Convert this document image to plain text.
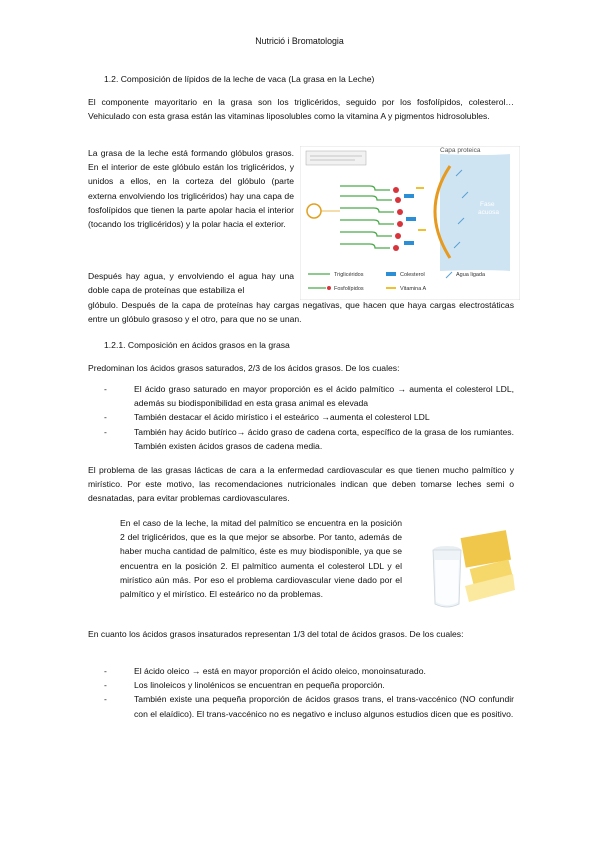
Nutrició i Bromatologia

1.2. Composición de lípidos de la leche de vaca (La grasa en la Leche)

El componente mayoritario en la grasa son los triglicéridos, seguido por los fosfolípidos, colesterol… Vehiculado con esta grasa están las vitaminas liposolubles como la vitamina A y pigmentos hidrosolubles.

La grasa de la leche está formando glóbulos grasos. En el interior de este glóbulo están los triglicéridos, y unidos a ellos, en la corteza del glóbulo (parte externa envolviendo los triglicéridos) hay una capa de fosfolípidos que tienen la parte apolar hacia el interior (tocando los triglicéridos) y la polar hacia el exterior.

Después hay agua, y envolviendo el agua hay una doble capa de proteínas que estabiliza el

glóbulo. Después de la capa de proteínas hay cargas negativas, que hacen que haya cargas electrostáticas entre un glóbulo grasoso y el otro, para que no se unan.

Capa proteica
Fase
acuosa
Triglicéridos
Fosfolípidos
Colesterol
Vitamina A
Agua ligada

1.2.1. Composición en ácidos grasos en la grasa

Predominan los ácidos grasos saturados, 2/3 de los ácidos grasos. De los cuales:

- El ácido graso saturado en mayor proporción es el ácido palmítico → aumenta el colesterol LDL, además su biodisponibilidad en esta grasa animal es elevada
- También destacar el ácido mirístico i el esteárico →aumenta el colesterol LDL
- También hay ácido butírico→ ácido graso de cadena corta, específico de la grasa de los rumiantes. También existen ácidos grasos de cadena media.

El problema de las grasas lácticas de cara a la enfermedad cardiovascular es que tienen mucho palmítico y mirístico. Por este motivo, las recomendaciones nutricionales indican que deben tomarse leches semi o desnatadas, para evitar problemas cardiovasculares.

En el caso de la leche, la mitad del palmítico se encuentra en la posición 2 del triglicéridos, que es la que mejor se absorbe. Por tanto, además de haber mucha cantidad de palmítico, éste es muy biodisponible, ya que se encuentra en la posición 2. El palmítico aumenta el colesterol LDL y el mirístico aún más. Por eso el problema cardiovascular viene dado por el palmítico y el mirístico. El esteárico no da problemas.

En cuanto los ácidos grasos insaturados representan 1/3 del total de ácidos grasos. De los cuales:

- El ácido oleico → está en mayor proporción el ácido oleico, monoinsaturado.
- Los linoleicos y linolénicos se encuentran en pequeña proporción.
- También existe una pequeña proporción de ácidos grasos trans, el trans-vaccénico (NO confundir con el elaídico). El trans-vaccénico no es negativo e incluso algunos estudios dicen que es positivo.
